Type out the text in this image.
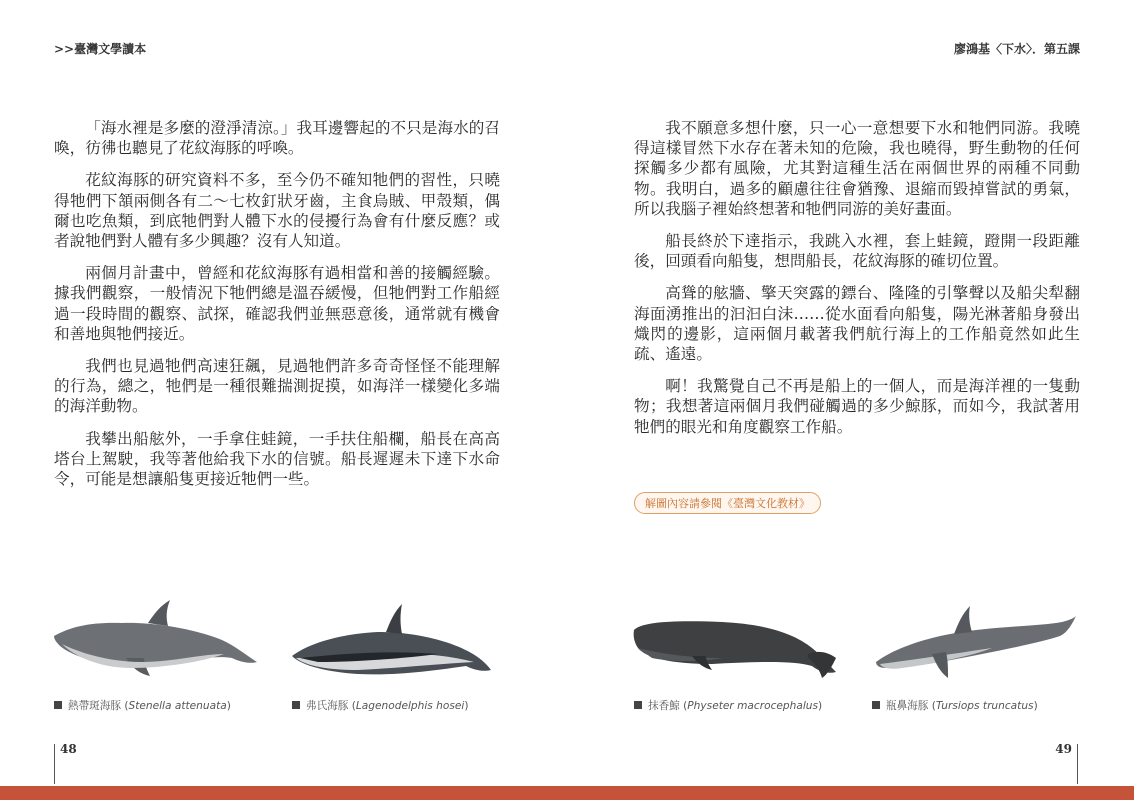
>>臺灣文學讀本	廖鴻基〈下水〉．第五課

「海水裡是多麼的澄淨清涼。」我耳邊響起的不只是海水的召喚，彷彿也聽見了花紋海豚的呼喚。

花紋海豚的研究資料不多，至今仍不確知牠們的習性，只曉得牠們下頷兩側各有二～七枚釘狀牙齒，主食烏賊、甲殼類，偶爾也吃魚類，到底牠們對人體下水的侵擾行為會有什麼反應？或者說牠們對人體有多少興趣？沒有人知道。

兩個月計畫中，曾經和花紋海豚有過相當和善的接觸經驗。據我們觀察，一般情況下牠們總是溫吞緩慢，但牠們對工作船經過一段時間的觀察、試探，確認我們並無惡意後，通常就有機會和善地與牠們接近。

我們也見過牠們高速狂飆，見過牠們許多奇奇怪怪不能理解的行為，總之，牠們是一種很難揣測捉摸，如海洋一樣變化多端的海洋動物。

我攀出船舷外，一手拿住蛙鏡，一手扶住船欄，船長在高高塔台上駕駛，我等著他給我下水的信號。船長遲遲未下達下水命令，可能是想讓船隻更接近牠們一些。

我不願意多想什麼，只一心一意想要下水和牠們同游。我曉得這樣冒然下水存在著未知的危險，我也曉得，野生動物的任何探觸多少都有風險，尤其對這種生活在兩個世界的兩種不同動物。我明白，過多的顧慮往往會猶豫、退縮而毀掉嘗試的勇氣，所以我腦子裡始終想著和牠們同游的美好畫面。

船長終於下達指示，我跳入水裡，套上蛙鏡，蹬開一段距離後，回頭看向船隻，想問船長，花紋海豚的確切位置。

高聳的舷牆、擎天突露的鏢台、隆隆的引擎聲以及船尖犁翻海面湧推出的汩汩白沫……從水面看向船隻，陽光淋著船身發出熾閃的邊影，這兩個月載著我們航行海上的工作船竟然如此生疏、遙遠。

啊！我驚覺自己不再是船上的一個人，而是海洋裡的一隻動物；我想著這兩個月我們碰觸過的多少鯨豚，而如今，我試著用牠們的眼光和角度觀察工作船。

解圖內容請參閱《臺灣文化教材》
熱帶斑海豚 (Stenella attenuata)	弗氏海豚 (Lagenodelphis hosei)	抹香鯨 (Physeter macrocephalus)	瓶鼻海豚 (Tursiops truncatus)
48	49
